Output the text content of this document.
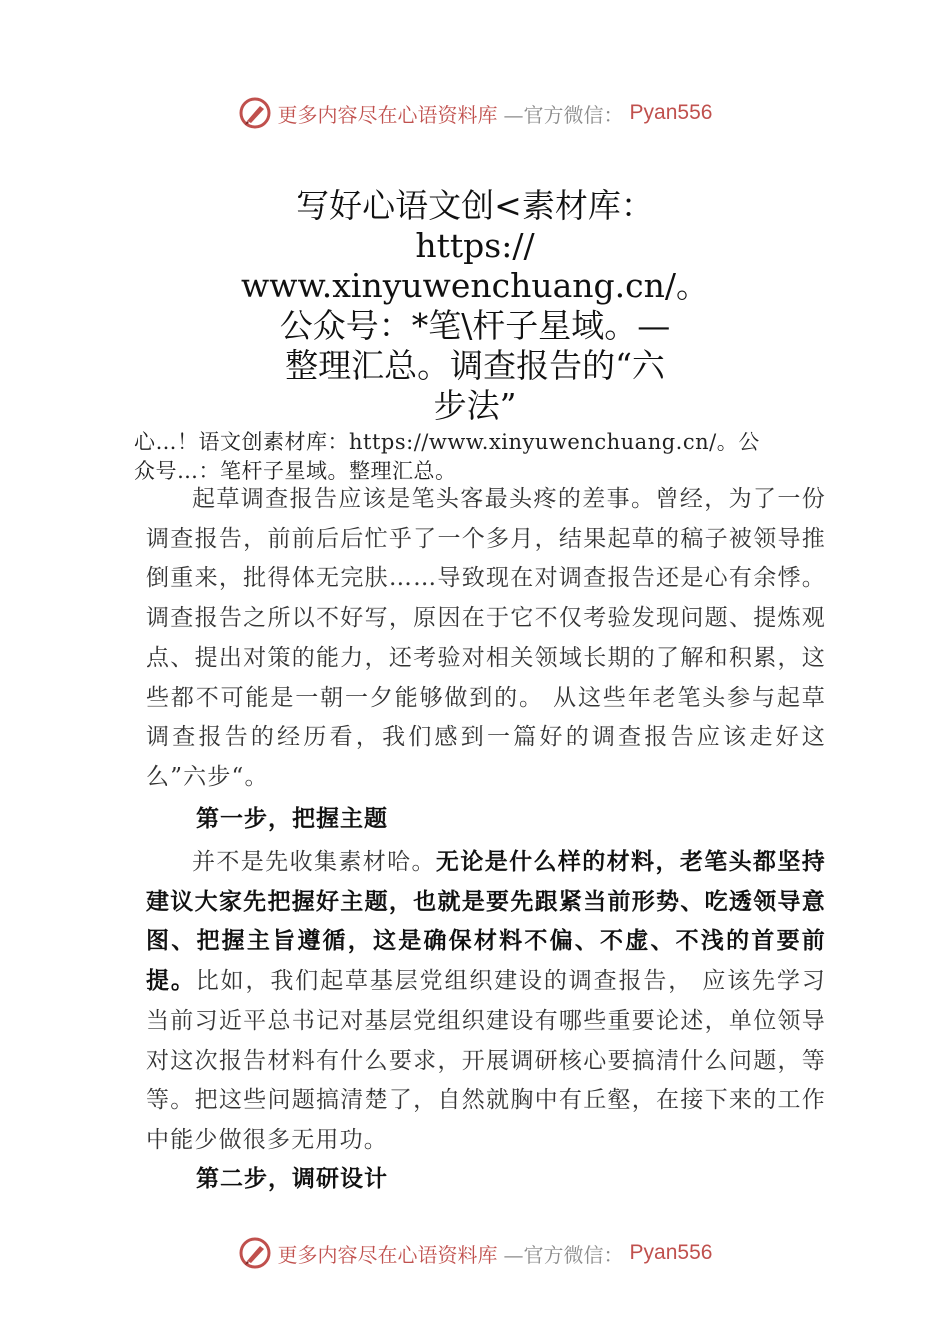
更多内容尽在心语资料库 —官方微信： Pyan556
写好心语文创<素材库：
https://
www.xinyuwenchuang.cn/。
公众号：*笔\杆子星域。—
整理汇总。调查报告的“六
步法”
心…！语文创素材库：https://www.xinyuwenchuang.cn/。公
众号…：笔杆子星域。整理汇总。

起草调查报告应该是笔头客最头疼的差事。曾经，为了一份调查报告，前前后后忙乎了一个多月，结果起草的稿子被领导推倒重来，批得体无完肤……导致现在对调查报告还是心有余悸。调查报告之所以不好写，原因在于它不仅考验发现问题、提炼观点、提出对策的能力，还考验对相关领域长期的了解和积累，这些都不可能是一朝一夕能够做到的。 从这些年老笔头参与起草调查报告的经历看，我们感到一篇好的调查报告应该走好这么”六步“。

第一步，把握主题

并不是先收集素材哈。无论是什么样的材料，老笔头都坚持建议大家先把握好主题，也就是要先跟紧当前形势、吃透领导意图、把握主旨遵循，这是确保材料不偏、不虚、不浅的首要前提。比如，我们起草基层党组织建设的调查报告， 应该先学习当前习近平总书记对基层党组织建设有哪些重要论述，单位领导对这次报告材料有什么要求，开展调研核心要搞清什么问题，等等。把这些问题搞清楚了，自然就胸中有丘壑，在接下来的工作中能少做很多无用功。

第二步，调研设计
更多内容尽在心语资料库 —官方微信： Pyan556
